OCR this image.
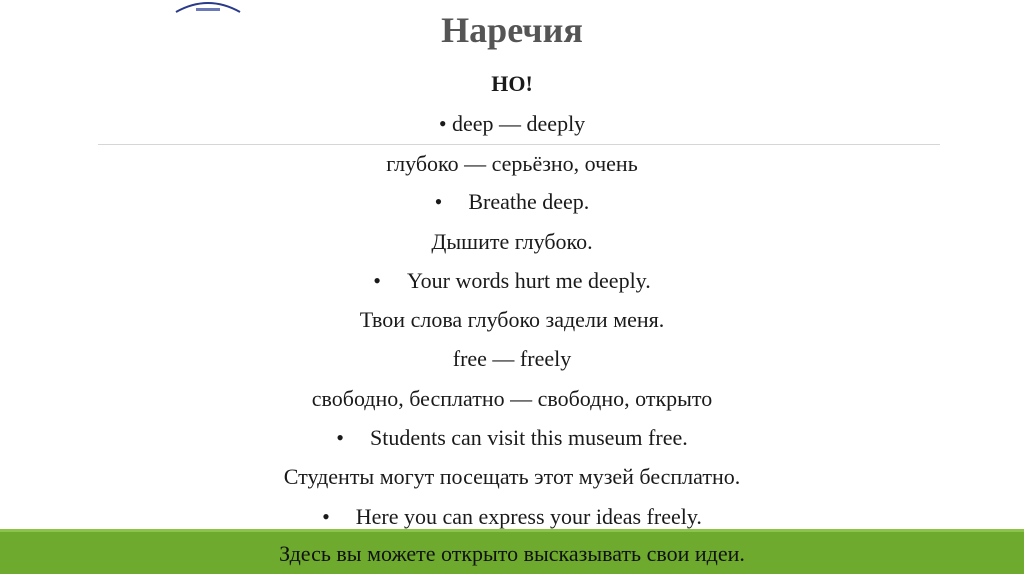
Наречия
НО!
• deep — deeply
глубоко — серьёзно, очень
• Breathe deep.
Дышите глубоко.
• Your words hurt me deeply.
Твои слова глубоко задели меня.
free — freely
свободно, бесплатно — свободно, открыто
• Students can visit this museum free.
Студенты могут посещать этот музей бесплатно.
• Here you can express your ideas freely.
Здесь вы можете открыто высказывать свои идеи.
